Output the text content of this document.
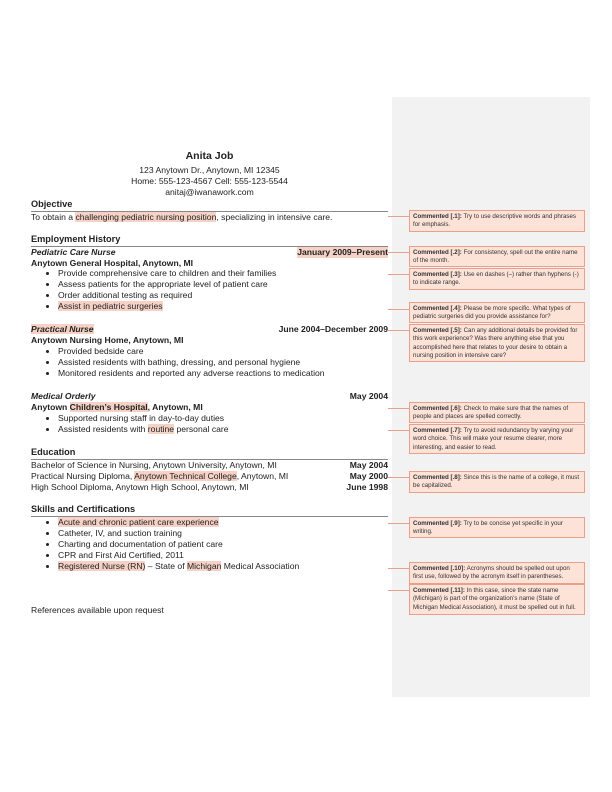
Anita Job
123 Anytown Dr., Anytown, MI 12345
Home: 555-123-4567 Cell: 555-123-5544
anitaj@iwanawork.com
Objective
To obtain a challenging pediatric nursing position, specializing in intensive care.
Employment History
Pediatric Care Nurse	January 2009–Present
Anytown General Hospital, Anytown, MI
• Provide comprehensive care to children and their families
• Assess patients for the appropriate level of patient care
• Order additional testing as required
• Assist in pediatric surgeries
Practical Nurse	June 2004–December 2009
Anytown Nursing Home, Anytown, MI
• Provided bedside care
• Assisted residents with bathing, dressing, and personal hygiene
• Monitored residents and reported any adverse reactions to medication
Medical Orderly	May 2004
Anytown Children’s Hospital, Anytown, MI
• Supported nursing staff in day-to-day duties
• Assisted residents with routine personal care
Education
Bachelor of Science in Nursing, Anytown University, Anytown, MI	May 2004
Practical Nursing Diploma, Anytown Technical College, Anytown, MI	May 2000
High School Diploma, Anytown High School, Anytown, MI	June 1998
Skills and Certifications
• Acute and chronic patient care experience
• Catheter, IV, and suction training
• Charting and documentation of patient care
• CPR and First Aid Certified, 2011
• Registered Nurse (RN) – State of Michigan Medical Association
References available upon request
Commented [.1]: Try to use descriptive words and phrases for emphasis.
Commented [.2]: For consistency, spell out the entire name of the month.
Commented [.3]: Use en dashes (–) rather than hyphens (-) to indicate range.
Commented [.4]: Please be more specific. What types of pediatric surgeries did you provide assistance for?
Commented [.5]: Can any additional details be provided for this work experience? Was there anything else that you accomplished here that relates to your desire to obtain a nursing position in intensive care?
Commented [.6]: Check to make sure that the names of people and places are spelled correctly.
Commented [.7]: Try to avoid redundancy by varying your word choice. This will make your resume clearer, more interesting, and easier to read.
Commented [.8]: Since this is the name of a college, it must be capitalized.
Commented [.9]: Try to be concise yet specific in your writing.
Commented [.10]: Acronyms should be spelled out upon first use, followed by the acronym itself in parentheses.
Commented [.11]: In this case, since the state name (Michigan) is part of the organization’s name (State of Michigan Medical Association), it must be spelled out in full.
